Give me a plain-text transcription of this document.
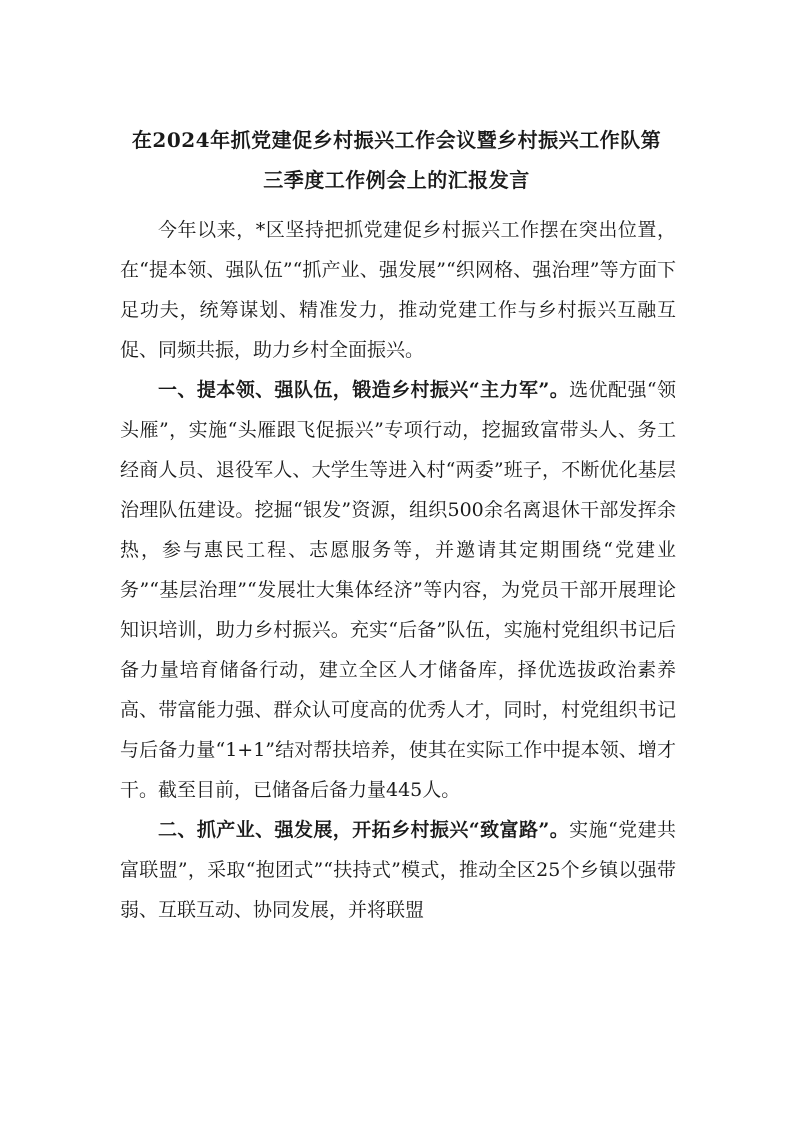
在2024年抓党建促乡村振兴工作会议暨乡村振兴工作队第
三季度工作例会上的汇报发言

今年以来，*区坚持把抓党建促乡村振兴工作摆在突出位置，在“提本领、强队伍”“抓产业、强发展”“织网格、强治理”等方面下足功夫，统筹谋划、精准发力，推动党建工作与乡村振兴互融互促、同频共振，助力乡村全面振兴。

一、提本领、强队伍，锻造乡村振兴“主力军”。选优配强“领头雁”，实施“头雁跟飞促振兴”专项行动，挖掘致富带头人、务工经商人员、退役军人、大学生等进入村“两委”班子，不断优化基层治理队伍建设。挖掘“银发”资源，组织500余名离退休干部发挥余热，参与惠民工程、志愿服务等，并邀请其定期围绕“党建业务”“基层治理”“发展壮大集体经济”等内容，为党员干部开展理论知识培训，助力乡村振兴。充实“后备”队伍，实施村党组织书记后备力量培育储备行动，建立全区人才储备库，择优选拔政治素养高、带富能力强、群众认可度高的优秀人才，同时，村党组织书记与后备力量“1+1”结对帮扶培养，使其在实际工作中提本领、增才干。截至目前，已储备后备力量445人。

二、抓产业、强发展，开拓乡村振兴“致富路”。实施“党建共富联盟”，采取“抱团式”“扶持式”模式，推动全区25个乡镇以强带弱、互联互动、协同发展，并将联盟
